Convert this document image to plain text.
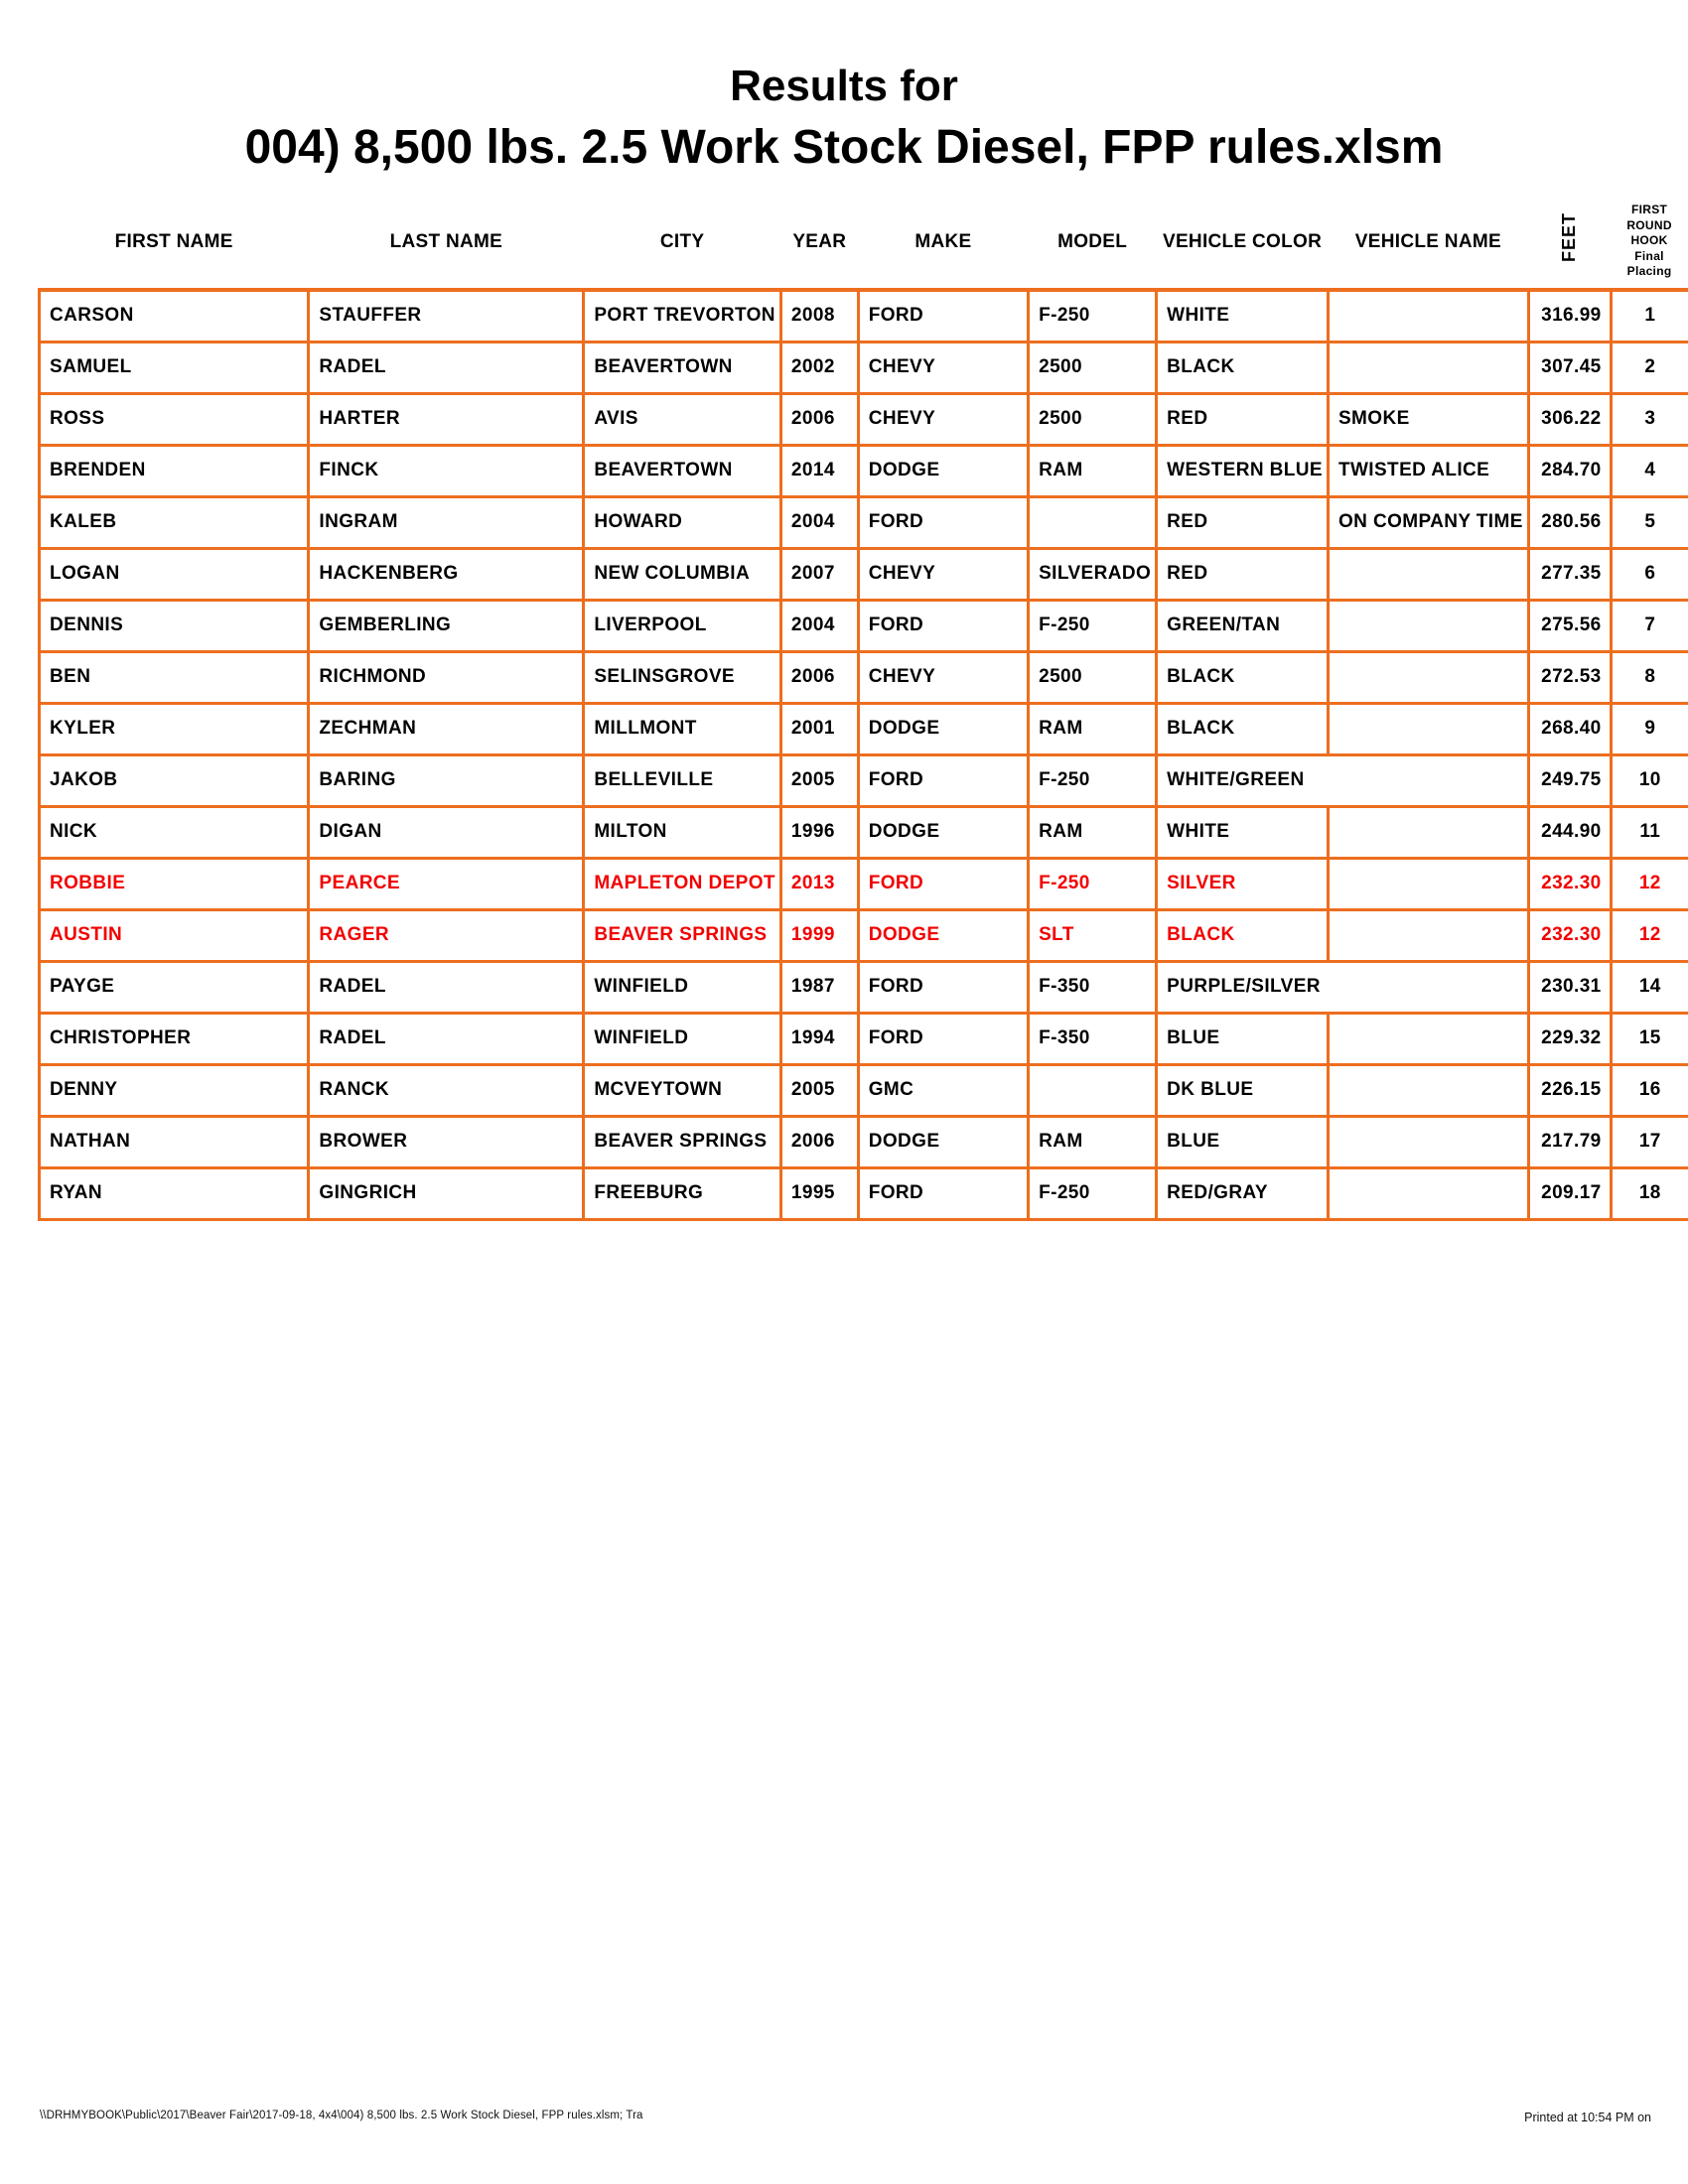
Results for
004) 8,500 lbs. 2.5 Work Stock Diesel, FPP rules.xlsm
FIRST NAME	LAST NAME	CITY	YEAR	MAKE	MODEL	VEHICLE COLOR	VEHICLE NAME	FEET	FIRST
ROUND
HOOK
Final
Placing

CARSON	STAUFFER	PORT TREVORTON	2008	FORD	F-250	WHITE		316.99	1
SAMUEL	RADEL	BEAVERTOWN	2002	CHEVY	2500	BLACK		307.45	2
ROSS	HARTER	AVIS	2006	CHEVY	2500	RED	SMOKE	306.22	3
BRENDEN	FINCK	BEAVERTOWN	2014	DODGE	RAM	WESTERN BLUE	TWISTED ALICE	284.70	4
KALEB	INGRAM	HOWARD	2004	FORD		RED	ON COMPANY TIME	280.56	5
LOGAN	HACKENBERG	NEW COLUMBIA	2007	CHEVY	SILVERADO	RED		277.35	6
DENNIS	GEMBERLING	LIVERPOOL	2004	FORD	F-250	GREEN/TAN		275.56	7
BEN	RICHMOND	SELINSGROVE	2006	CHEVY	2500	BLACK		272.53	8
KYLER	ZECHMAN	MILLMONT	2001	DODGE	RAM	BLACK		268.40	9
JAKOB	BARING	BELLEVILLE	2005	FORD	F-250	WHITE/GREEN		249.75	10
NICK	DIGAN	MILTON	1996	DODGE	RAM	WHITE		244.90	11
ROBBIE	PEARCE	MAPLETON DEPOT	2013	FORD	F-250	SILVER		232.30	12
AUSTIN	RAGER	BEAVER SPRINGS	1999	DODGE	SLT	BLACK		232.30	12
PAYGE	RADEL	WINFIELD	1987	FORD	F-350	PURPLE/SILVER		230.31	14
CHRISTOPHER	RADEL	WINFIELD	1994	FORD	F-350	BLUE		229.32	15
DENNY	RANCK	MCVEYTOWN	2005	GMC		DK BLUE		226.15	16
NATHAN	BROWER	BEAVER SPRINGS	2006	DODGE	RAM	BLUE		217.79	17
RYAN	GINGRICH	FREEBURG	1995	FORD	F-250	RED/GRAY		209.17	18
\\DRHMYBOOK\Public\2017\Beaver Fair\2017-09-18, 4x4\004) 8,500 lbs. 2.5 Work Stock Diesel, FPP rules.xlsm; Tra	Printed at 10:54 PM on
